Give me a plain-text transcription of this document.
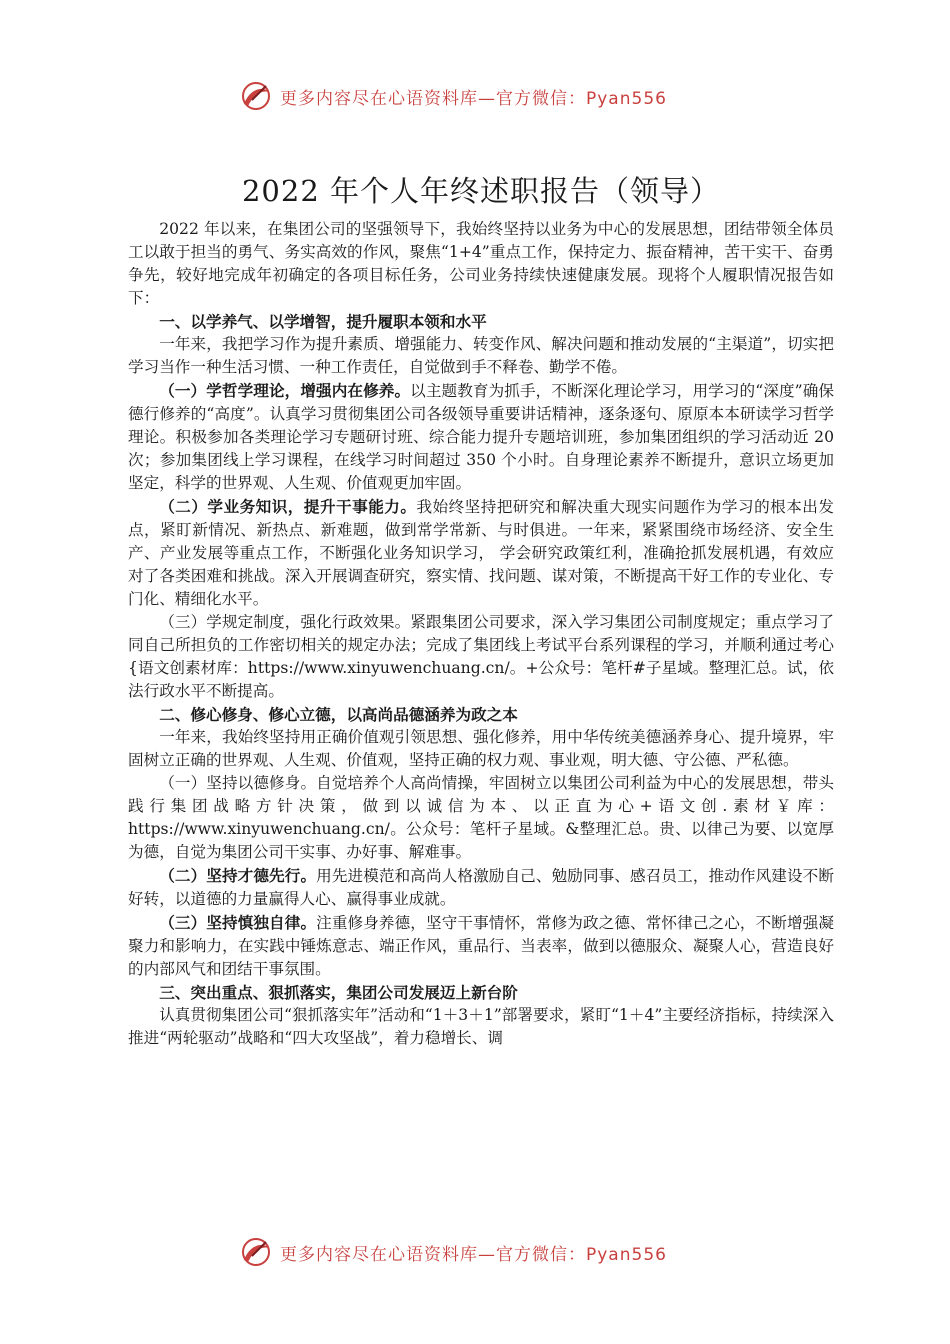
更多内容尽在心语资料库—官方微信：Pyan556
2022 年个人年终述职报告（领导）

2022 年以来，在集团公司的坚强领导下，我始终坚持以业务为中心的发展思想，团结带领全体员工以敢于担当的勇气、务实高效的作风，聚焦“1+4”重点工作，保持定力、振奋精神，苦干实干、奋勇争先，较好地完成年初确定的各项目标任务，公司业务持续快速健康发展。现将个人履职情况报告如下：

一、以学养气、以学增智，提升履职本领和水平

一年来，我把学习作为提升素质、增强能力、转变作风、解决问题和推动发展的“主渠道”，切实把学习当作一种生活习惯、一种工作责任，自觉做到手不释卷、勤学不倦。

（一）学哲学理论，增强内在修养。以主题教育为抓手，不断深化理论学习，用学习的“深度”确保德行修养的“高度”。认真学习贯彻集团公司各级领导重要讲话精神，逐条逐句、原原本本研读学习哲学理论。积极参加各类理论学习专题研讨班、综合能力提升专题培训班，参加集团组织的学习活动近 20 次；参加集团线上学习课程，在线学习时间超过 350 个小时。自身理论素养不断提升，意识立场更加坚定，科学的世界观、人生观、价值观更加牢固。

（二）学业务知识，提升干事能力。我始终坚持把研究和解决重大现实问题作为学习的根本出发点，紧盯新情况、新热点、新难题，做到常学常新、与时俱进。一年来，紧紧围绕市场经济、安全生产、产业发展等重点工作，不断强化业务知识学习， 学会研究政策红利，准确抢抓发展机遇，有效应对了各类困难和挑战。深入开展调查研究，察实情、找问题、谋对策，不断提高干好工作的专业化、专门化、精细化水平。

（三）学规定制度，强化行政效果。紧跟集团公司要求，深入学习集团公司制度规定；重点学习了同自己所担负的工作密切相关的规定办法；完成了集团线上考试平台系列课程的学习，并顺利通过考心{语文创素材库：https://www.xinyuwenchuang.cn/。+公众号：笔杆#子星域。整理汇总。试，依法行政水平不断提高。

二、修心修身、修心立德，以高尚品德涵养为政之本

一年来，我始终坚持用正确价值观引领思想、强化修养，用中华传统美德涵养身心、提升境界，牢固树立正确的世界观、人生观、价值观，坚持正确的权力观、事业观，明大德、守公德、严私德。

（一）坚持以德修身。自觉培养个人高尚情操，牢固树立以集团公司利益为中心的发展思想，带头践行集团战略方针决策，做到以诚信为本、以正直为心+语文创.素材￥库：https://www.xinyuwenchuang.cn/。公众号：笔杆子星域。&整理汇总。贵、以律己为要、以宽厚为德，自觉为集团公司干实事、办好事、解难事。

（二）坚持才德先行。用先进模范和高尚人格激励自己、勉励同事、感召员工，推动作风建设不断好转，以道德的力量赢得人心、赢得事业成就。

（三）坚持慎独自律。注重修身养德，坚守干事情怀，常修为政之德、常怀律己之心，不断增强凝聚力和影响力，在实践中锤炼意志、端正作风，重品行、当表率，做到以德服众、凝聚人心，营造良好的内部风气和团结干事氛围。

三、突出重点、狠抓落实，集团公司发展迈上新台阶

认真贯彻集团公司“狠抓落实年”活动和“1＋3＋1”部署要求，紧盯“1＋4”主要经济指标，持续深入推进“两轮驱动”战略和“四大攻坚战”，着力稳增长、调

更多内容尽在心语资料库—官方微信：Pyan556
